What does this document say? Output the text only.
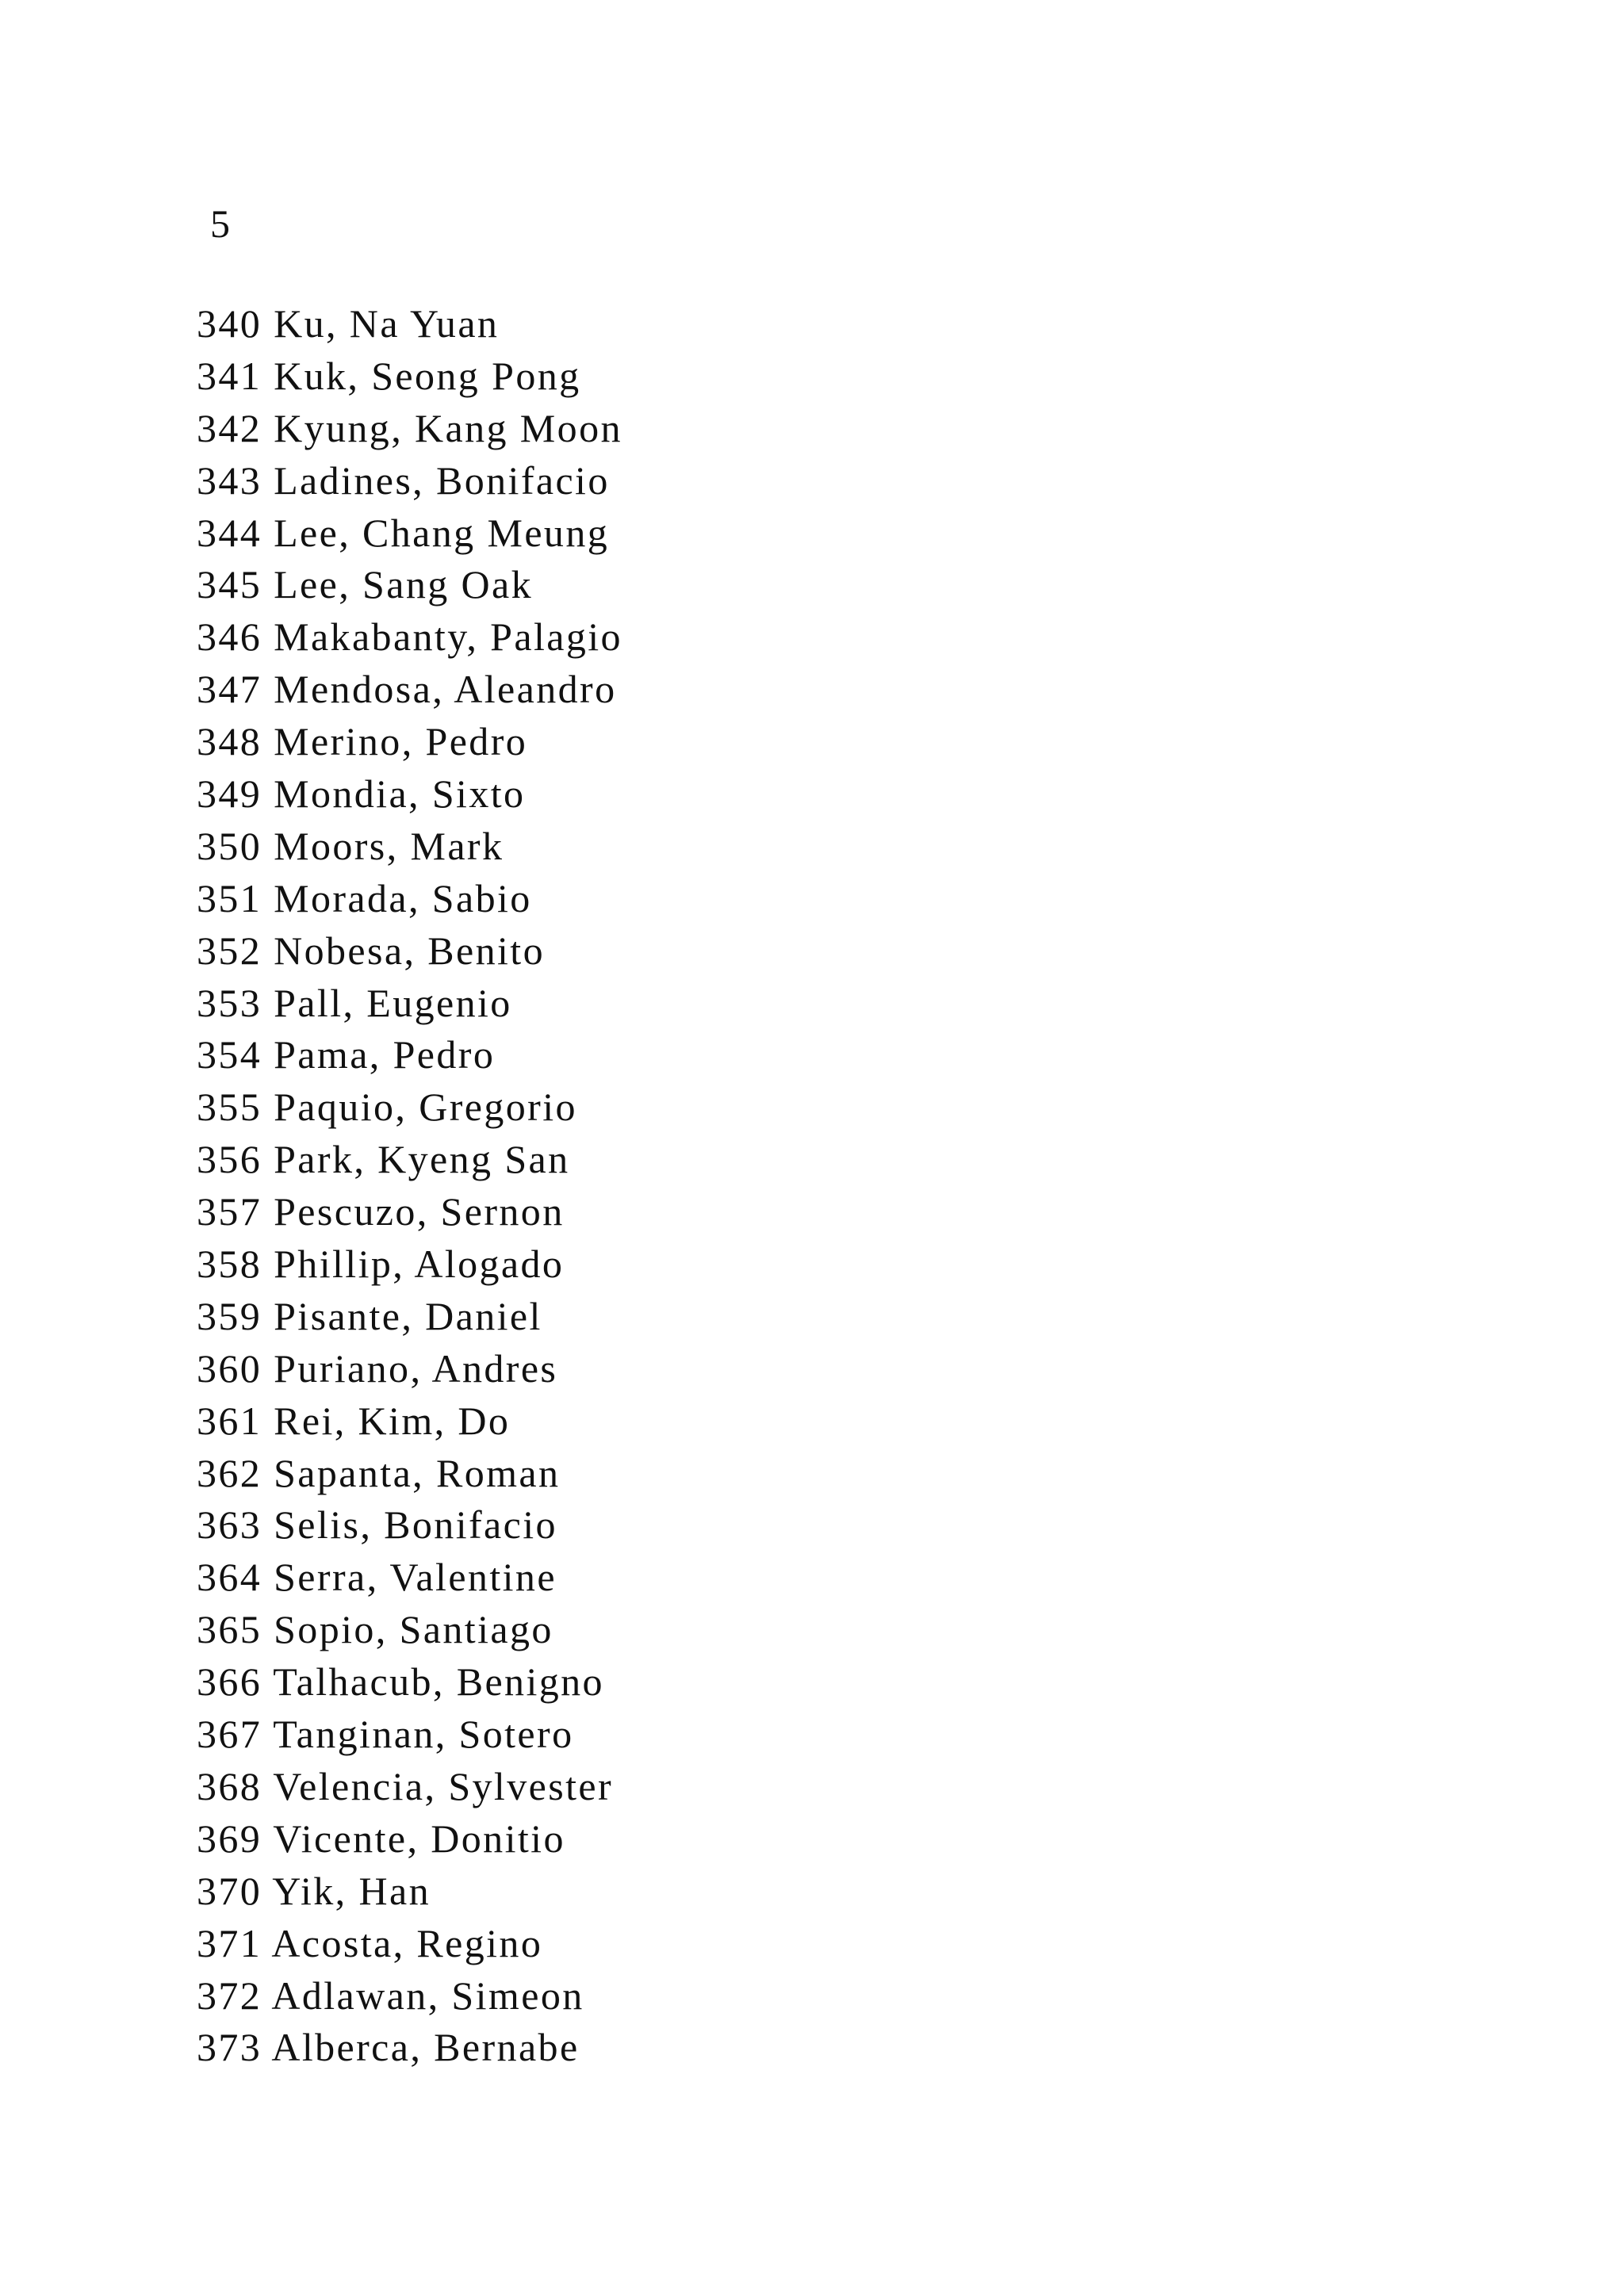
5
340 Ku, Na Yuan
341 Kuk, Seong Pong
342 Kyung, Kang Moon
343 Ladines, Bonifacio
344 Lee, Chang Meung
345 Lee, Sang Oak
346 Makabanty, Palagio
347 Mendosa, Aleandro
348 Merino, Pedro
349 Mondia, Sixto
350 Moors, Mark
351 Morada, Sabio
352 Nobesa, Benito
353 Pall, Eugenio
354 Pama, Pedro
355 Paquio, Gregorio
356 Park, Kyeng San
357 Pescuzo, Sernon
358 Phillip, Alogado
359 Pisante, Daniel
360 Puriano, Andres
361 Rei, Kim, Do
362 Sapanta, Roman
363 Selis, Bonifacio
364 Serra, Valentine
365 Sopio, Santiago
366 Talhacub, Benigno
367 Tanginan, Sotero
368 Velencia, Sylvester
369 Vicente, Donitio
370 Yik, Han
371 Acosta, Regino
372 Adlawan, Simeon
373 Alberca, Bernabe
